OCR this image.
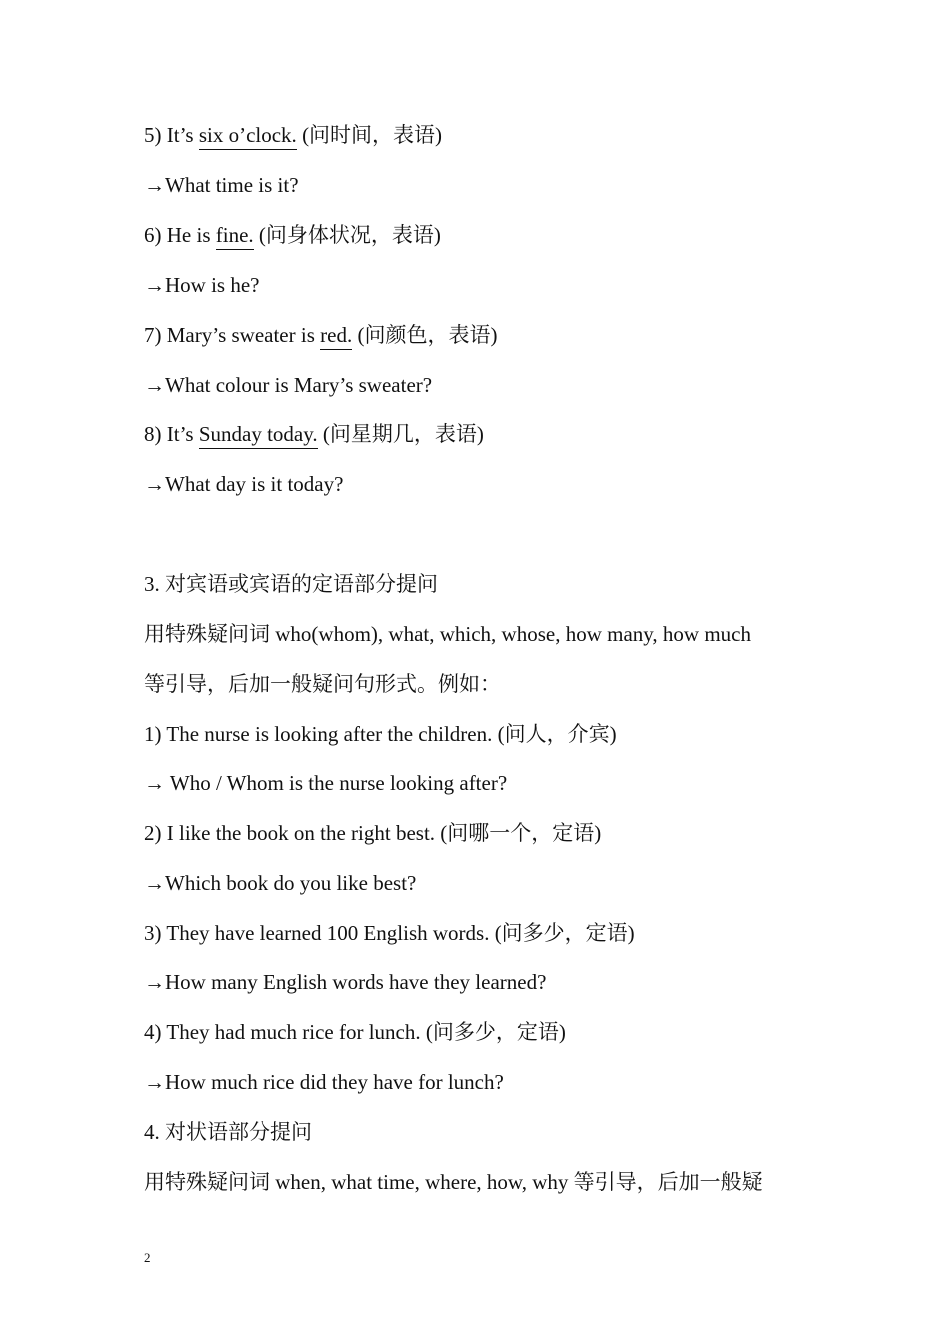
5) It’s six o’clock. (问时间，表语)
→What time is it?
6) He is fine. (问身体状况，表语)
→How is he?
7) Mary’s sweater is red. (问颜色，表语)
→What colour is Mary’s sweater?
8) It’s Sunday today. (问星期几，表语)
→What day is it today?
3. 对宾语或宾语的定语部分提问
用特殊疑问词 who(whom), what, which, whose, how many, how much
等引导，后加一般疑问句形式。例如：
1) The nurse is looking after the children. (问人，介宾)
→ Who / Whom is the nurse looking after?
2) I like the book on the right best. (问哪一个，定语)
→Which book do you like best?
3) They have learned 100 English words. (问多少，定语)
→How many English words have they learned?
4) They had much rice for lunch. (问多少，定语)
→How much rice did they have for lunch?
4. 对状语部分提问
用特殊疑问词 when, what time, where, how, why 等引导，后加一般疑
2
